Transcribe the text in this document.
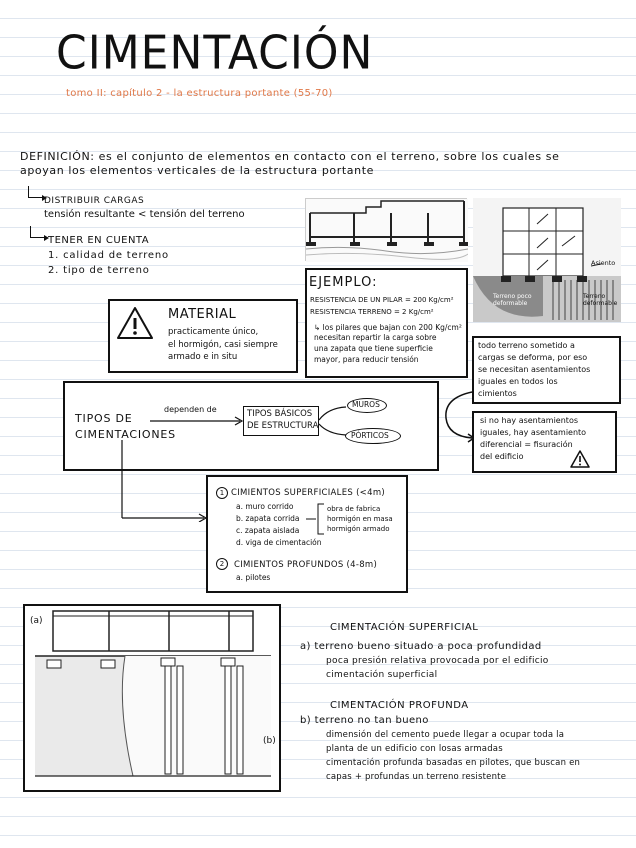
CIMENTACIÓN
tomo II: capítulo 2 - la estructura portante (55-70)
DEFINICIÓN: es el conjunto de elementos en contacto con el terreno, sobre los cuales se
apoyan los elementos verticales de la estructura portante
DISTRIBUIR CARGAS
tensión resultante < tensión del terreno
TENER EN CUENTA
1. calidad de terreno
2. tipo de terreno
Asiento
Terreno poco deformable
Terreno deformable
EJEMPLO:
RESISTENCIA DE UN PILAR = 200 Kg/cm²
RESISTENCIA TERRENO = 2 Kg/cm²
↳ los pilares que bajan con 200 Kg/cm²
necesitan repartir la carga sobre
una zapata que tiene superficie
mayor, para reducir tensión
MATERIAL
practicamente único,
el hormigón, casi siempre
armado e in situ
todo terreno sometido a
cargas se deforma, por eso
se necesitan asentamientos
iguales en todos los
cimientos
si no hay asentamientos
iguales, hay asentamiento
diferencial = fisuración
del edificio
TIPOS DE
CIMENTACIONES
dependen de	TIPOS BÁSICOS
DE ESTRUCTURA
MUROS
PÓRTICOS
1 CIMIENTOS SUPERFICIALES (<4m)
a. muro corrido
b. zapata corrida
c. zapata aislada
d. viga de cimentación
obra de fabrica
hormigón en masa
hormigón armado
2	CIMIENTOS PROFUNDOS (4-8m)
a. pilotes
(a)
(b)
CIMENTACIÓN SUPERFICIAL
a) terreno bueno situado a poca profundidad
poca presión relativa provocada por el edificio
cimentación superficial
CIMENTACIÓN PROFUNDA
b) terreno no tan bueno
dimensión del cemento puede llegar a ocupar toda la
planta de un edificio con losas armadas
cimentación profunda basadas en pilotes, que buscan en
capas + profundas un terreno resistente
